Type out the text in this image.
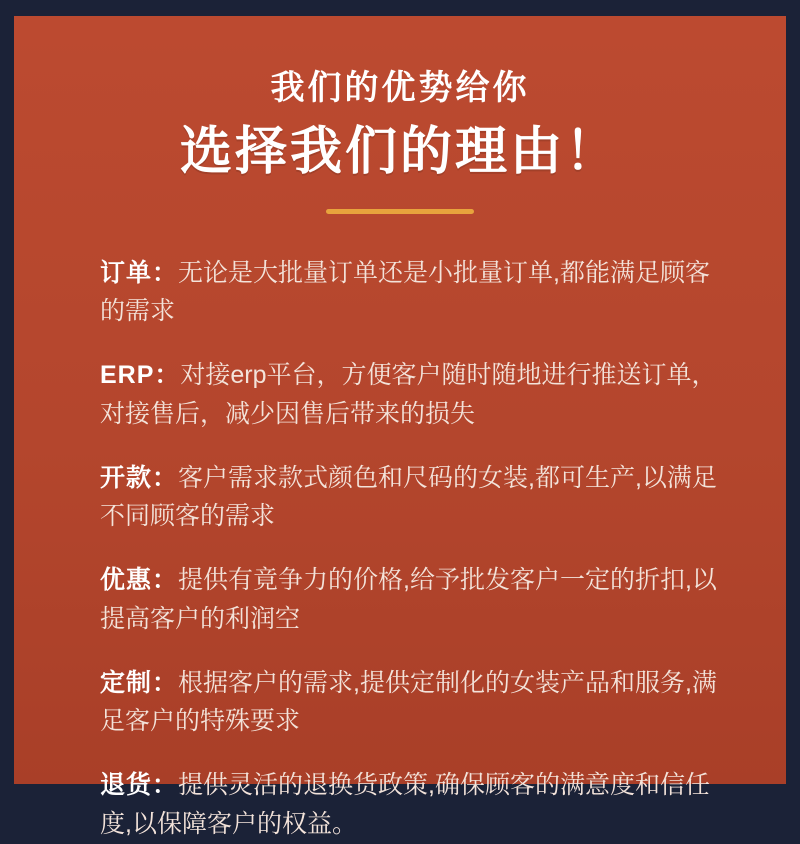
我们的优势给你
选择我们的理由！

订单：无论是大批量订单还是小批量订单,都能满足顾客的需求

ERP：对接erp平台，方便客户随时随地进行推送订单，对接售后，减少因售后带来的损失

开款：客户需求款式颜色和尺码的女装,都可生产,以满足不同顾客的需求

优惠：提供有竟争力的价格,给予批发客户一定的折扣,以提高客户的利润空

定制：根据客户的需求,提供定制化的女装产品和服务,满足客户的特殊要求

退货：提供灵活的退换货政策,确保顾客的满意度和信任度,以保障客户的权益。
